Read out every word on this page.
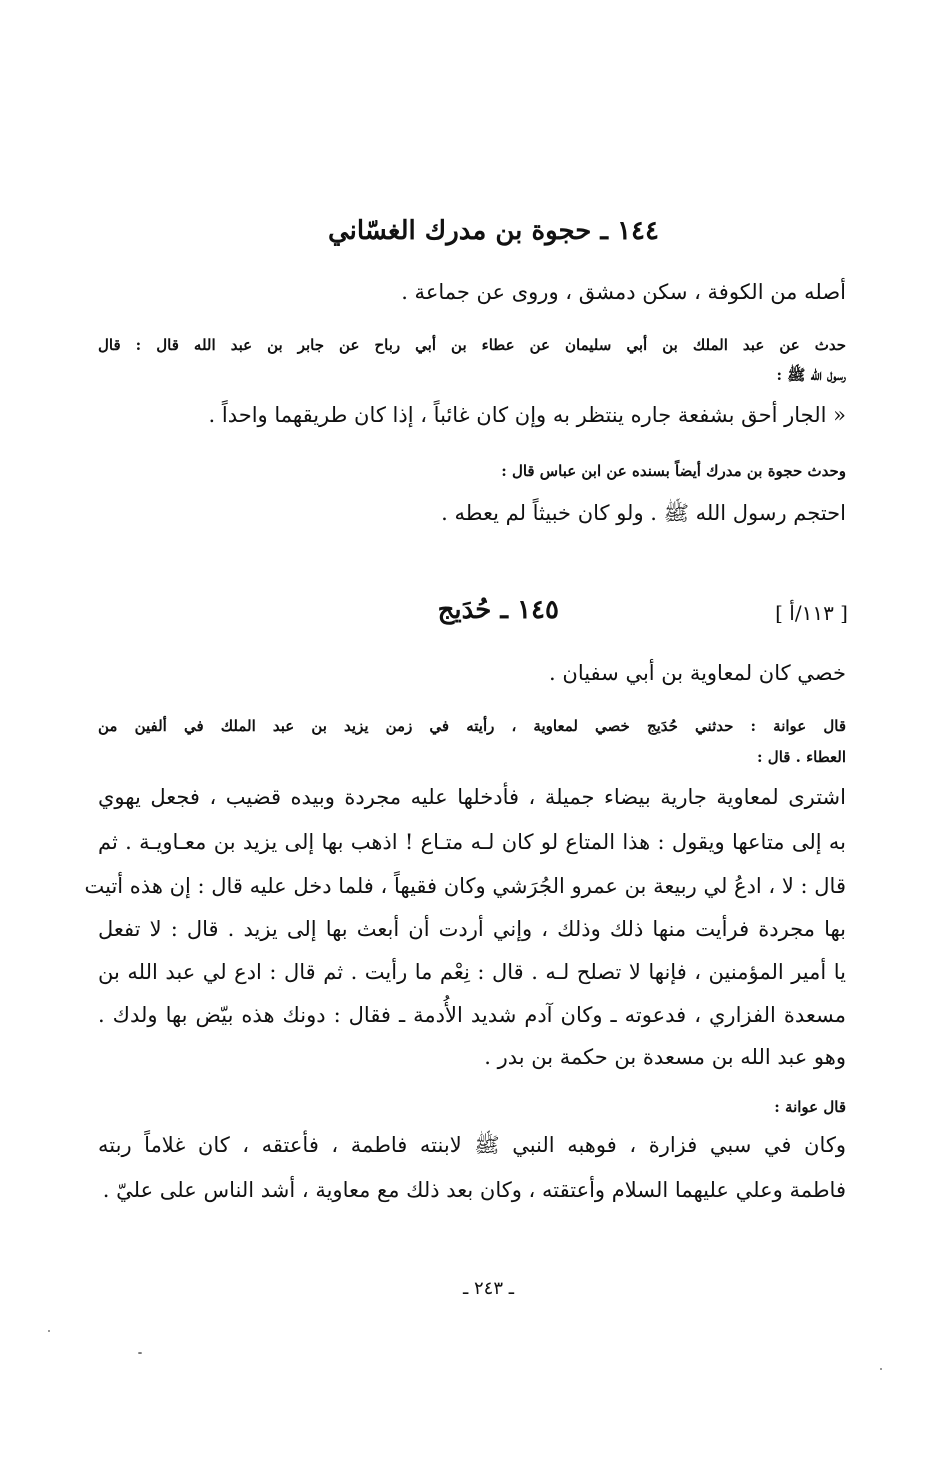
١٤٤ ـ حجوة بن مدرك الغسّاني
أصله من الكوفة ، سكن دمشق ، وروى عن جماعة .
حدث عن عبد الملك بن أبي سليمان عن عطاء بن أبي رباح عن جابر بن عبد الله قال : قال
رسول الله ﷺ :
« الجار أحق بشفعة جاره ينتظر به وإن كان غائباً ، إذا كان طريقهما واحداً .
وحدث حجوة بن مدرك أيضاً بسنده عن ابن عباس قال :
احتجم رسول الله ﷺ . ولو كان خبيثاً لم يعطه .
[ ١١٣/أ ]
١٤٥ ـ حُدَيج
خصي كان لمعاوية بن أبي سفيان .
قال عوانة : حدثني حُدَيج خصي لمعاوية ، رأيته في زمن يزيد بن عبد الملك في ألفين من
العطاء . قال :
اشترى لمعاوية جارية بيضاء جميلة ، فأدخلها عليه مجردة وبيده قضيب ، فجعل يهوي
به إلى متاعها ويقول : هذا المتاع لو كان لـه متـاع ! اذهب بها إلى يزيد بن معـاويـة . ثم
قال : لا ، ادعُ لي ربيعة بن عمرو الجُرَشي وكان فقيهاً ، فلما دخل عليه قال : إن هذه أتيت
بها مجردة فرأيت منها ذلك وذلك ، وإني أردت أن أبعث بها إلى يزيد . قال : لا تفعل
يا أمير المؤمنين ، فإنها لا تصلح لـه . قال : نِعْم ما رأيت . ثم قال : ادع لي عبد الله بن
مسعدة الفزاري ، فدعوته ـ وكان آدم شديد الأُدمة ـ فقال : دونك هذه بيّض بها ولدك .
وهو عبد الله بن مسعدة بن حكمة بن بدر .
قال عوانة :
وكان في سبي فزارة ، فوهبه النبي ﷺ لابنته فاطمة ، فأعتقه ، كان غلاماً ربته
فاطمة وعلي عليهما السلام وأعتقته ، وكان بعد ذلك مع معاوية ، أشد الناس على عليّ .
ـ ٢٤٣ ـ
